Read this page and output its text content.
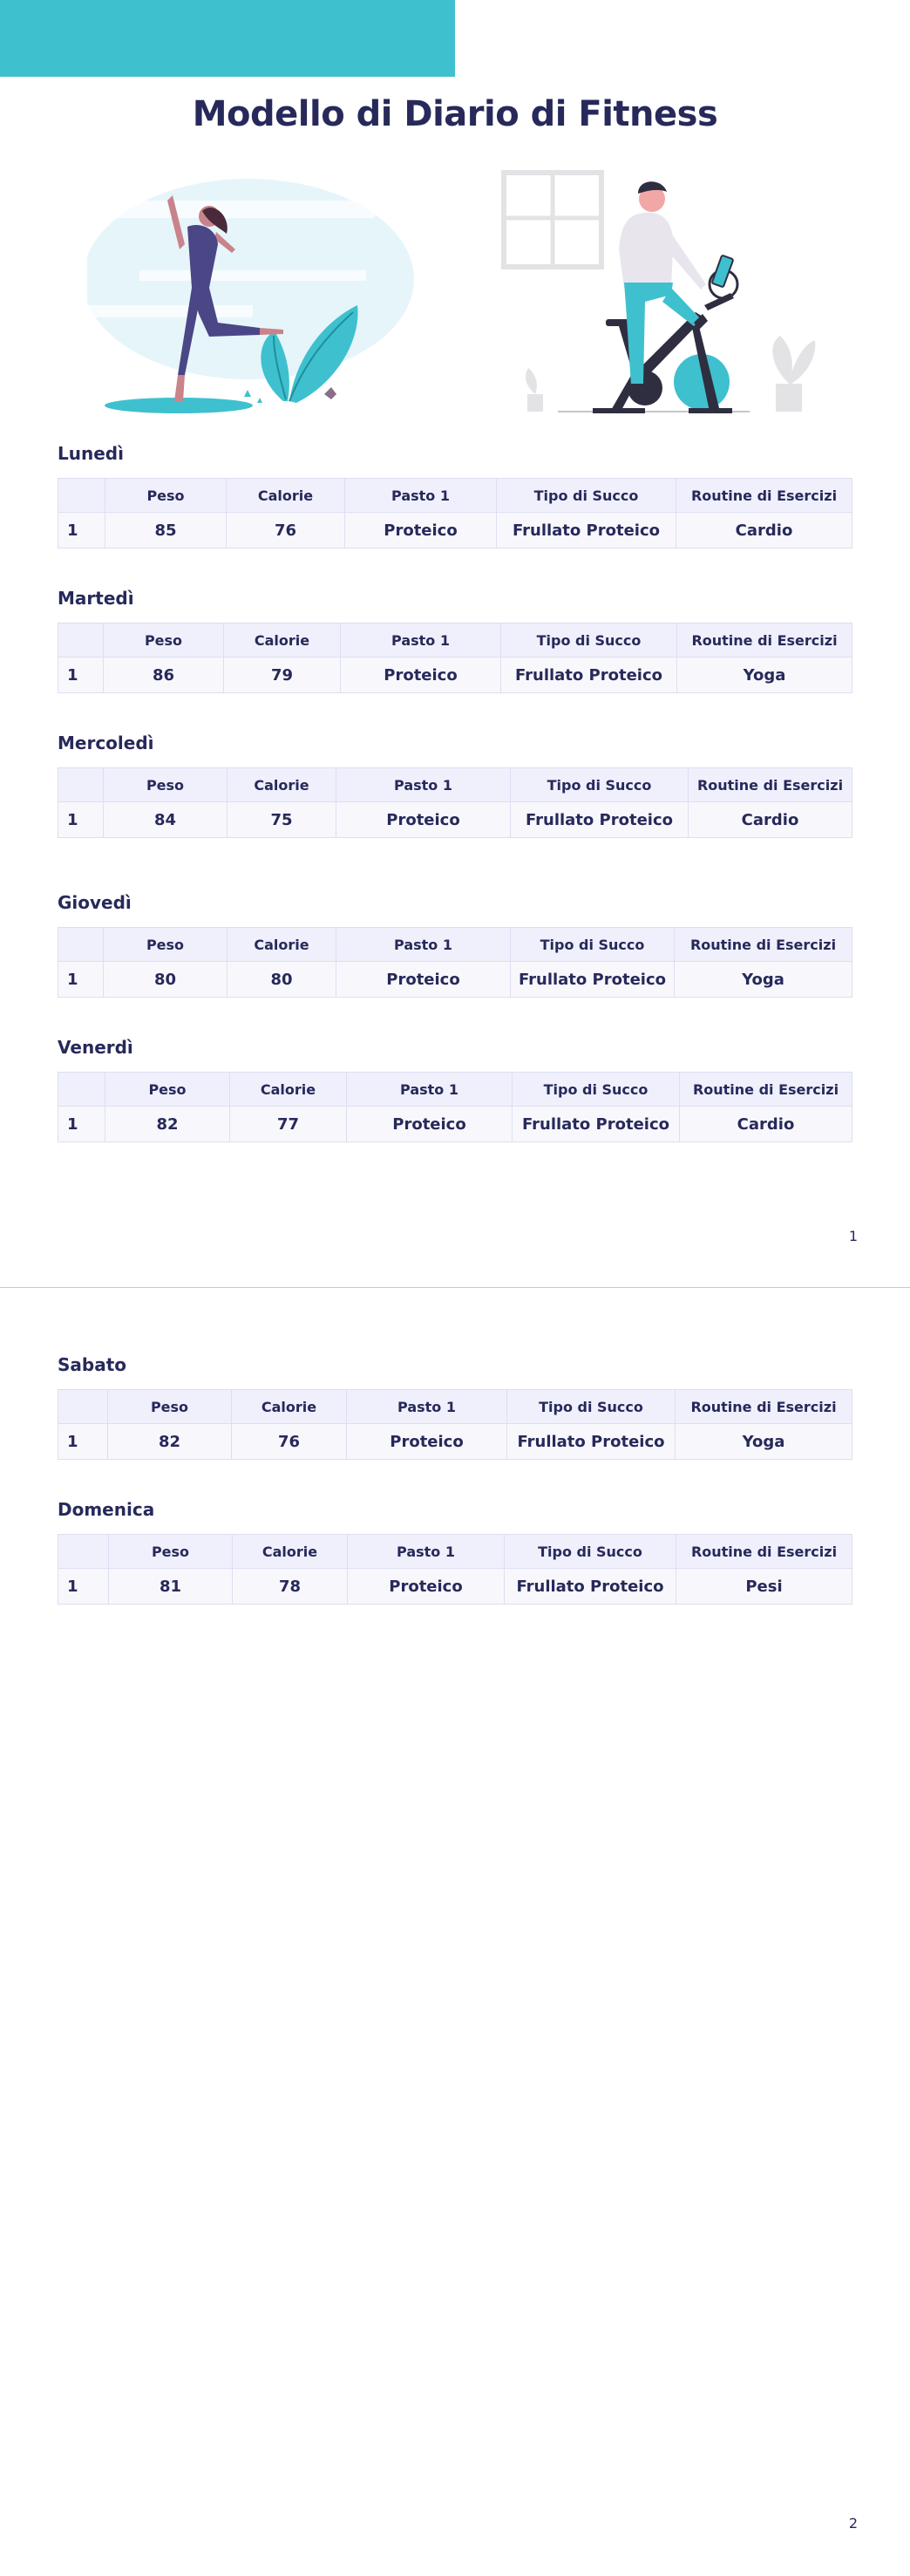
Modello di Diario di Fitness
Lunedì
	Peso	Calorie	Pasto 1	Tipo di Succo	Routine di Esercizi
1	85	76	Proteico	Frullato Proteico	Cardio
Martedì
	Peso	Calorie	Pasto 1	Tipo di Succo	Routine di Esercizi
1	86	79	Proteico	Frullato Proteico	Yoga
Mercoledì
	Peso	Calorie	Pasto 1	Tipo di Succo	Routine di Esercizi
1	84	75	Proteico	Frullato Proteico	Cardio
Giovedì
	Peso	Calorie	Pasto 1	Tipo di Succo	Routine di Esercizi
1	80	80	Proteico	Frullato Proteico	Yoga
Venerdì
	Peso	Calorie	Pasto 1	Tipo di Succo	Routine di Esercizi
1	82	77	Proteico	Frullato Proteico	Cardio
1
Sabato
	Peso	Calorie	Pasto 1	Tipo di Succo	Routine di Esercizi
1	82	76	Proteico	Frullato Proteico	Yoga
Domenica
	Peso	Calorie	Pasto 1	Tipo di Succo	Routine di Esercizi
1	81	78	Proteico	Frullato Proteico	Pesi
2
